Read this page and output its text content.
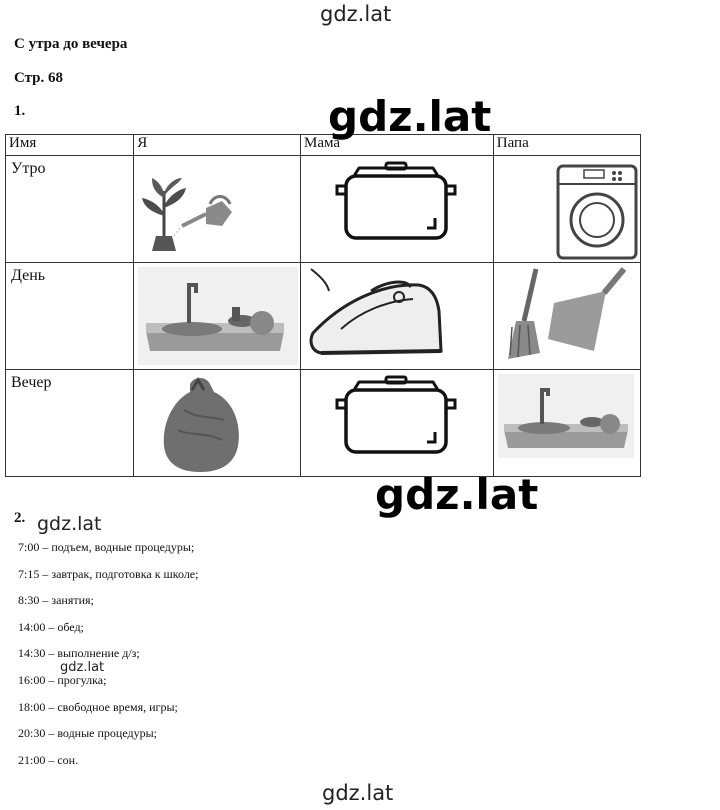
gdz.lat
С утра до вечера
Стр. 68
1.
Имя	Я	Мама	Папа

Утро

День

Вечер

gdz.lat
gdz.lat
2. gdz.lat
7:00 – подъем, водные процедуры;
7:15 – завтрак, подготовка к школе;
8:30 – занятия;
14:00 – обед;
14:30 – выполнение д/з;
16:00 – прогулка;
18:00 – свободное время, игры;
20:30 – водные процедуры;
21:00 – сон.
gdz.lat
gdz.lat
